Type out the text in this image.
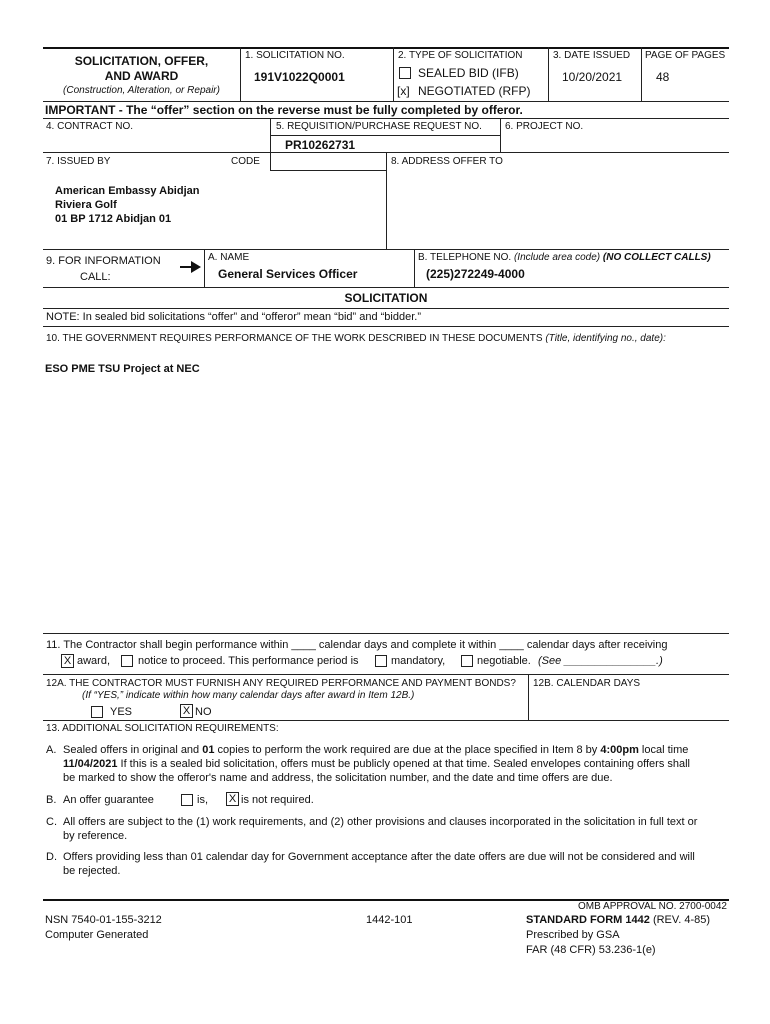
SOLICITATION, OFFER,
AND AWARD
(Construction, Alteration, or Repair)
1. SOLICITATION NO.
191V1022Q0001
2. TYPE OF SOLICITATION
SEALED BID (IFB)
[x] NEGOTIATED (RFP)
3. DATE ISSUED
10/20/2021
PAGE OF PAGES
48
IMPORTANT - The “offer” section on the reverse must be fully completed by offeror.
4. CONTRACT NO.	5. REQUISITION/PURCHASE REQUEST NO.
PR10262731
6. PROJECT NO.
7. ISSUED BY	CODE	8. ADDRESS OFFER TO
American Embassy Abidjan
Riviera Golf
01 BP 1712 Abidjan 01
9. FOR INFORMATION
CALL:
A. NAME
General Services Officer
B. TELEPHONE NO. (Include area code) (NO COLLECT CALLS)
(225)272249-4000
SOLICITATION
NOTE: In sealed bid solicitations “offer” and “offeror” mean “bid” and “bidder.”
10. THE GOVERNMENT REQUIRES PERFORMANCE OF THE WORK DESCRIBED IN THESE DOCUMENTS (Title, identifying no., date):
ESO PME TSU Project at NEC
11. The Contractor shall begin performance within ____ calendar days and complete it within ____ calendar days after receiving
X award,	notice to proceed. This performance period is	mandatory,	negotiable. (See _______________.)
12A. THE CONTRACTOR MUST FURNISH ANY REQUIRED PERFORMANCE AND PAYMENT BONDS?
(If “YES,” indicate within how many calendar days after award in Item 12B.)
YES	X NO
12B. CALENDAR DAYS
13. ADDITIONAL SOLICITATION REQUIREMENTS:
A. Sealed offers in original and 01 copies to perform the work required are due at the place specified in Item 8 by 4:00pm local time
11/04/2021 If this is a sealed bid solicitation, offers must be publicly opened at that time. Sealed envelopes containing offers shall
be marked to show the offeror's name and address, the solicitation number, and the date and time offers are due.
B. An offer guarantee	is, X is not required.
C. All offers are subject to the (1) work requirements, and (2) other provisions and clauses incorporated in the solicitation in full text or
by reference.
D. Offers providing less than 01 calendar day for Government acceptance after the date offers are due will not be considered and will
be rejected.
NSN 7540-01-155-3212
Computer Generated
1442-101
OMB APPROVAL NO. 2700-0042
STANDARD FORM 1442 (REV. 4-85)
Prescribed by GSA
FAR (48 CFR) 53.236-1(e)
